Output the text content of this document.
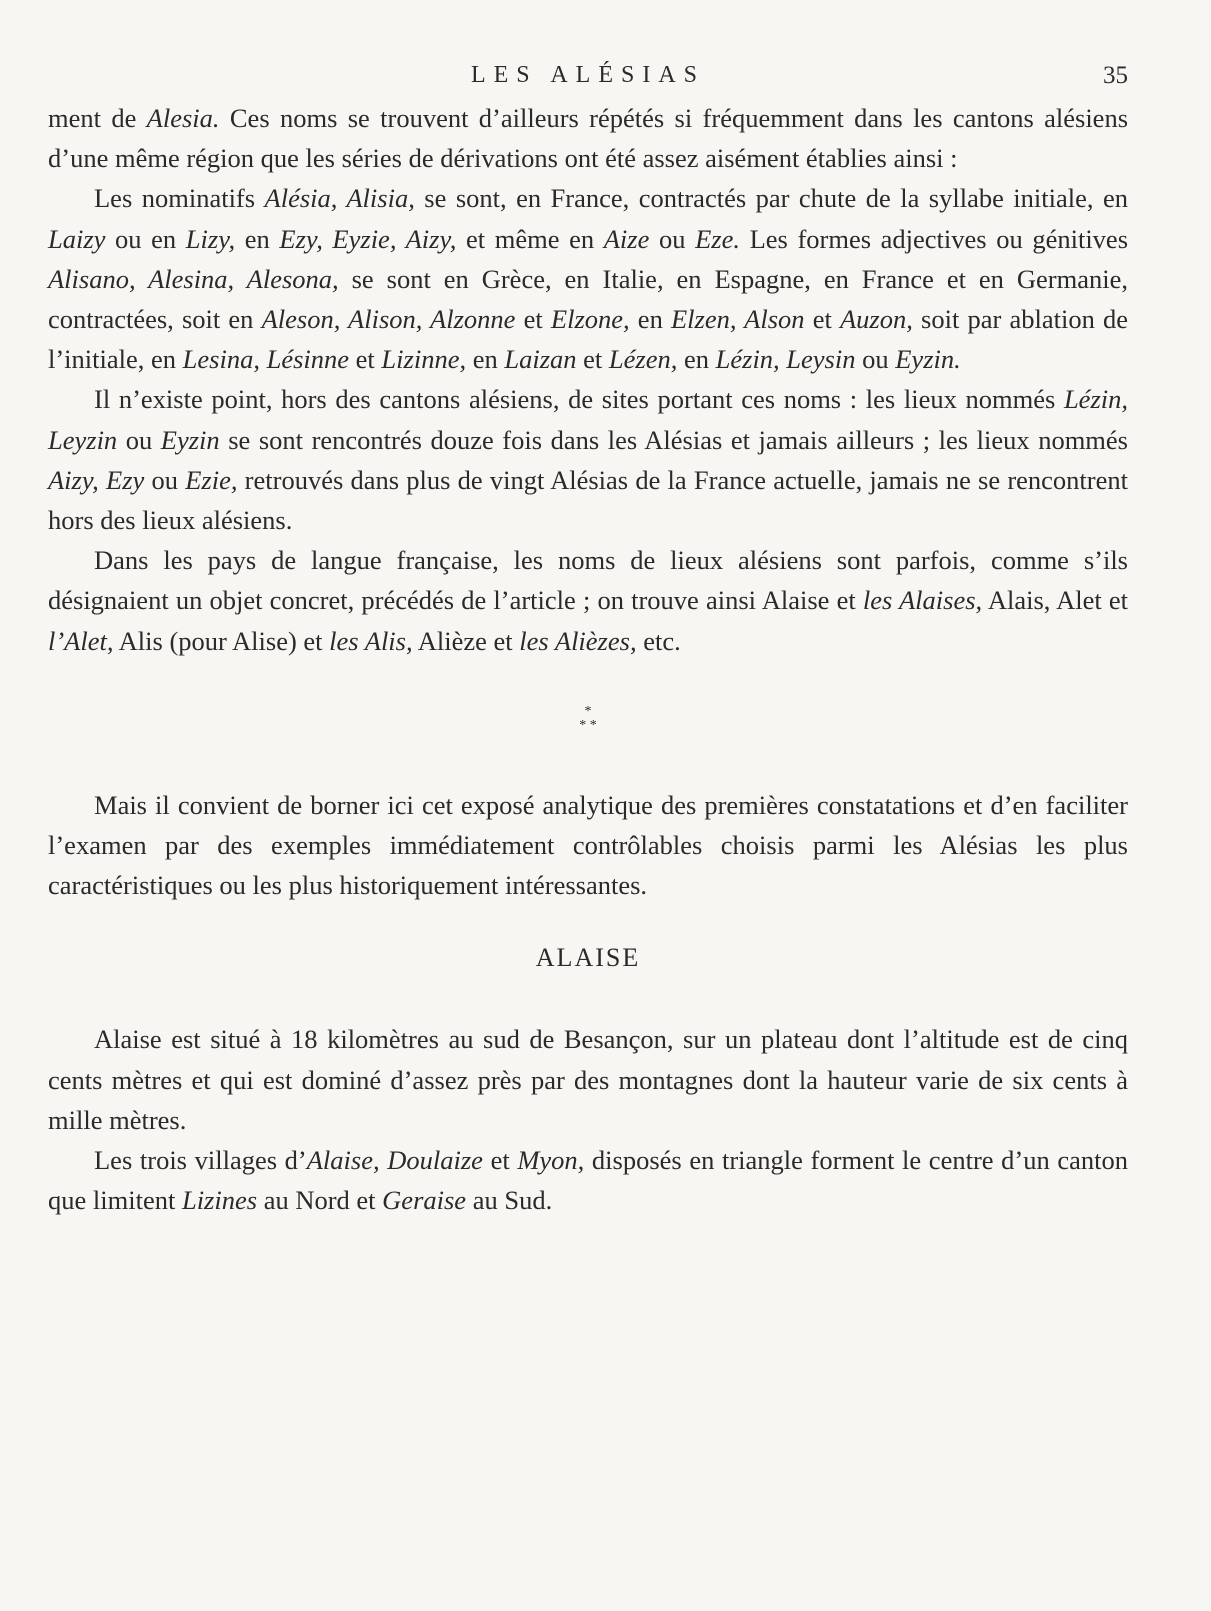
LES ALÉSIAS	35

ment de Alesia. Ces noms se trouvent d’ailleurs répétés si fréquemment dans les cantons alésiens d’une même région que les séries de dérivations ont été assez aisément établies ainsi :

Les nominatifs Alésia, Alisia, se sont, en France, contractés par chute de la syllabe initiale, en Laizy ou en Lizy, en Ezy, Eyzie, Aizy, et même en Aize ou Eze. Les formes adjectives ou génitives Alisano, Alesina, Alesona, se sont en Grèce, en Italie, en Espagne, en France et en Germanie, contractées, soit en Aleson, Alison, Alzonne et Elzone, en Elzen, Alson et Auzon, soit par ablation de l’initiale, en Lesina, Lésinne et Lizinne, en Laizan et Lézen, en Lézin, Leysin ou Eyzin.

Il n’existe point, hors des cantons alésiens, de sites portant ces noms : les lieux nommés Lézin, Leyzin ou Eyzin se sont rencontrés douze fois dans les Alésias et jamais ailleurs ; les lieux nommés Aizy, Ezy ou Ezie, retrouvés dans plus de vingt Alésias de la France actuelle, jamais ne se rencontrent hors des lieux alésiens.

Dans les pays de langue française, les noms de lieux alésiens sont parfois, comme s’ils désignaient un objet concret, précédés de l’article ; on trouve ainsi Alaise et les Alaises, Alais, Alet et l’Alet, Alis (pour Alise) et les Alis, Alièze et les Alièzes, etc.

*
* *

Mais il convient de borner ici cet exposé analytique des premières constatations et d’en faciliter l’examen par des exemples immédiatement contrôlables choisis parmi les Alésias les plus caractéristiques ou les plus historiquement intéressantes.

ALAISE

Alaise est situé à 18 kilomètres au sud de Besançon, sur un plateau dont l’altitude est de cinq cents mètres et qui est dominé d’assez près par des montagnes dont la hauteur varie de six cents à mille mètres.

Les trois villages d’Alaise, Doulaize et Myon, disposés en triangle forment le centre d’un canton que limitent Lizines au Nord et Geraise au Sud.
